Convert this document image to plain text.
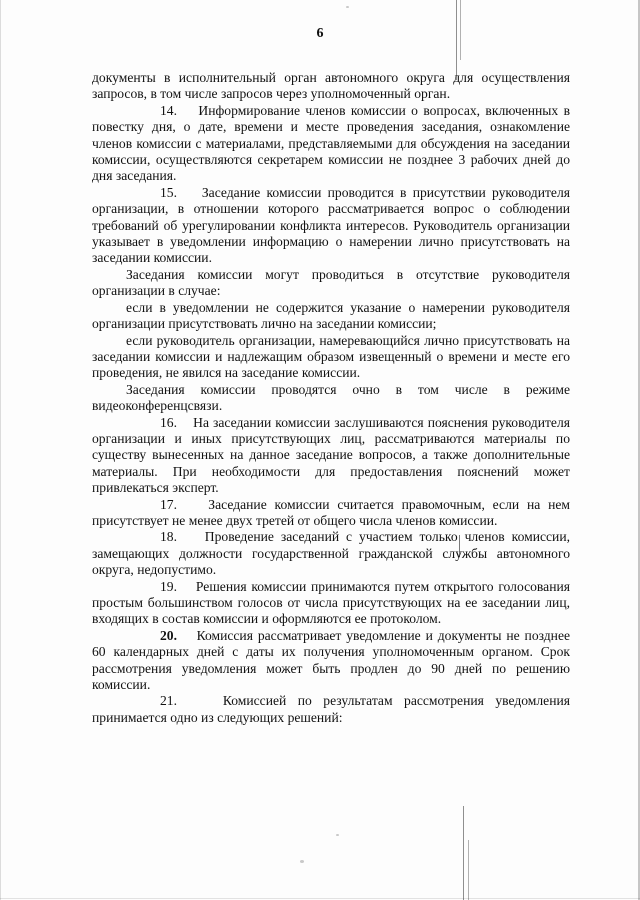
6

документы в исполнительный орган автономного округа для осуществления запросов, в том числе запросов через уполномоченный орган.

14. Информирование членов комиссии о вопросах, включенных в повестку дня, о дате, времени и месте проведения заседания, ознакомление членов комиссии с материалами, представляемыми для обсуждения на заседании комиссии, осуществляются секретарем комиссии не позднее 3 рабочих дней до дня заседания.

15. Заседание комиссии проводится в присутствии руководителя организации, в отношении которого рассматривается вопрос о соблюдении требований об урегулировании конфликта интересов. Руководитель организации указывает в уведомлении информацию о намерении лично присутствовать на заседании комиссии.

Заседания комиссии могут проводиться в отсутствие руководителя организации в случае:

если в уведомлении не содержится указание о намерении руководителя организации присутствовать лично на заседании комиссии;

если руководитель организации, намеревающийся лично присутствовать на заседании комиссии и надлежащим образом извещенный о времени и месте его проведения, не явился на заседание комиссии.

Заседания комиссии проводятся очно в том числе в режиме видеоконференцсвязи.

16. На заседании комиссии заслушиваются пояснения руководителя организации и иных присутствующих лиц, рассматриваются материалы по существу вынесенных на данное заседание вопросов, а также дополнительные материалы. При необходимости для предоставления пояснений может привлекаться эксперт.

17. Заседание комиссии считается правомочным, если на нем присутствует не менее двух третей от общего числа членов комиссии.

18. Проведение заседаний с участием только членов комиссии, замещающих должности государственной гражданской службы автономного округа, недопустимо.

19. Решения комиссии принимаются путем открытого голосования простым большинством голосов от числа присутствующих на ее заседании лиц, входящих в состав комиссии и оформляются ее протоколом.

20. Комиссия рассматривает уведомление и документы не позднее 60 календарных дней с даты их получения уполномоченным органом. Срок рассмотрения уведомления может быть продлен до 90 дней по решению комиссии.

21.	Комиссией по результатам рассмотрения уведомления принимается одно из следующих решений:
